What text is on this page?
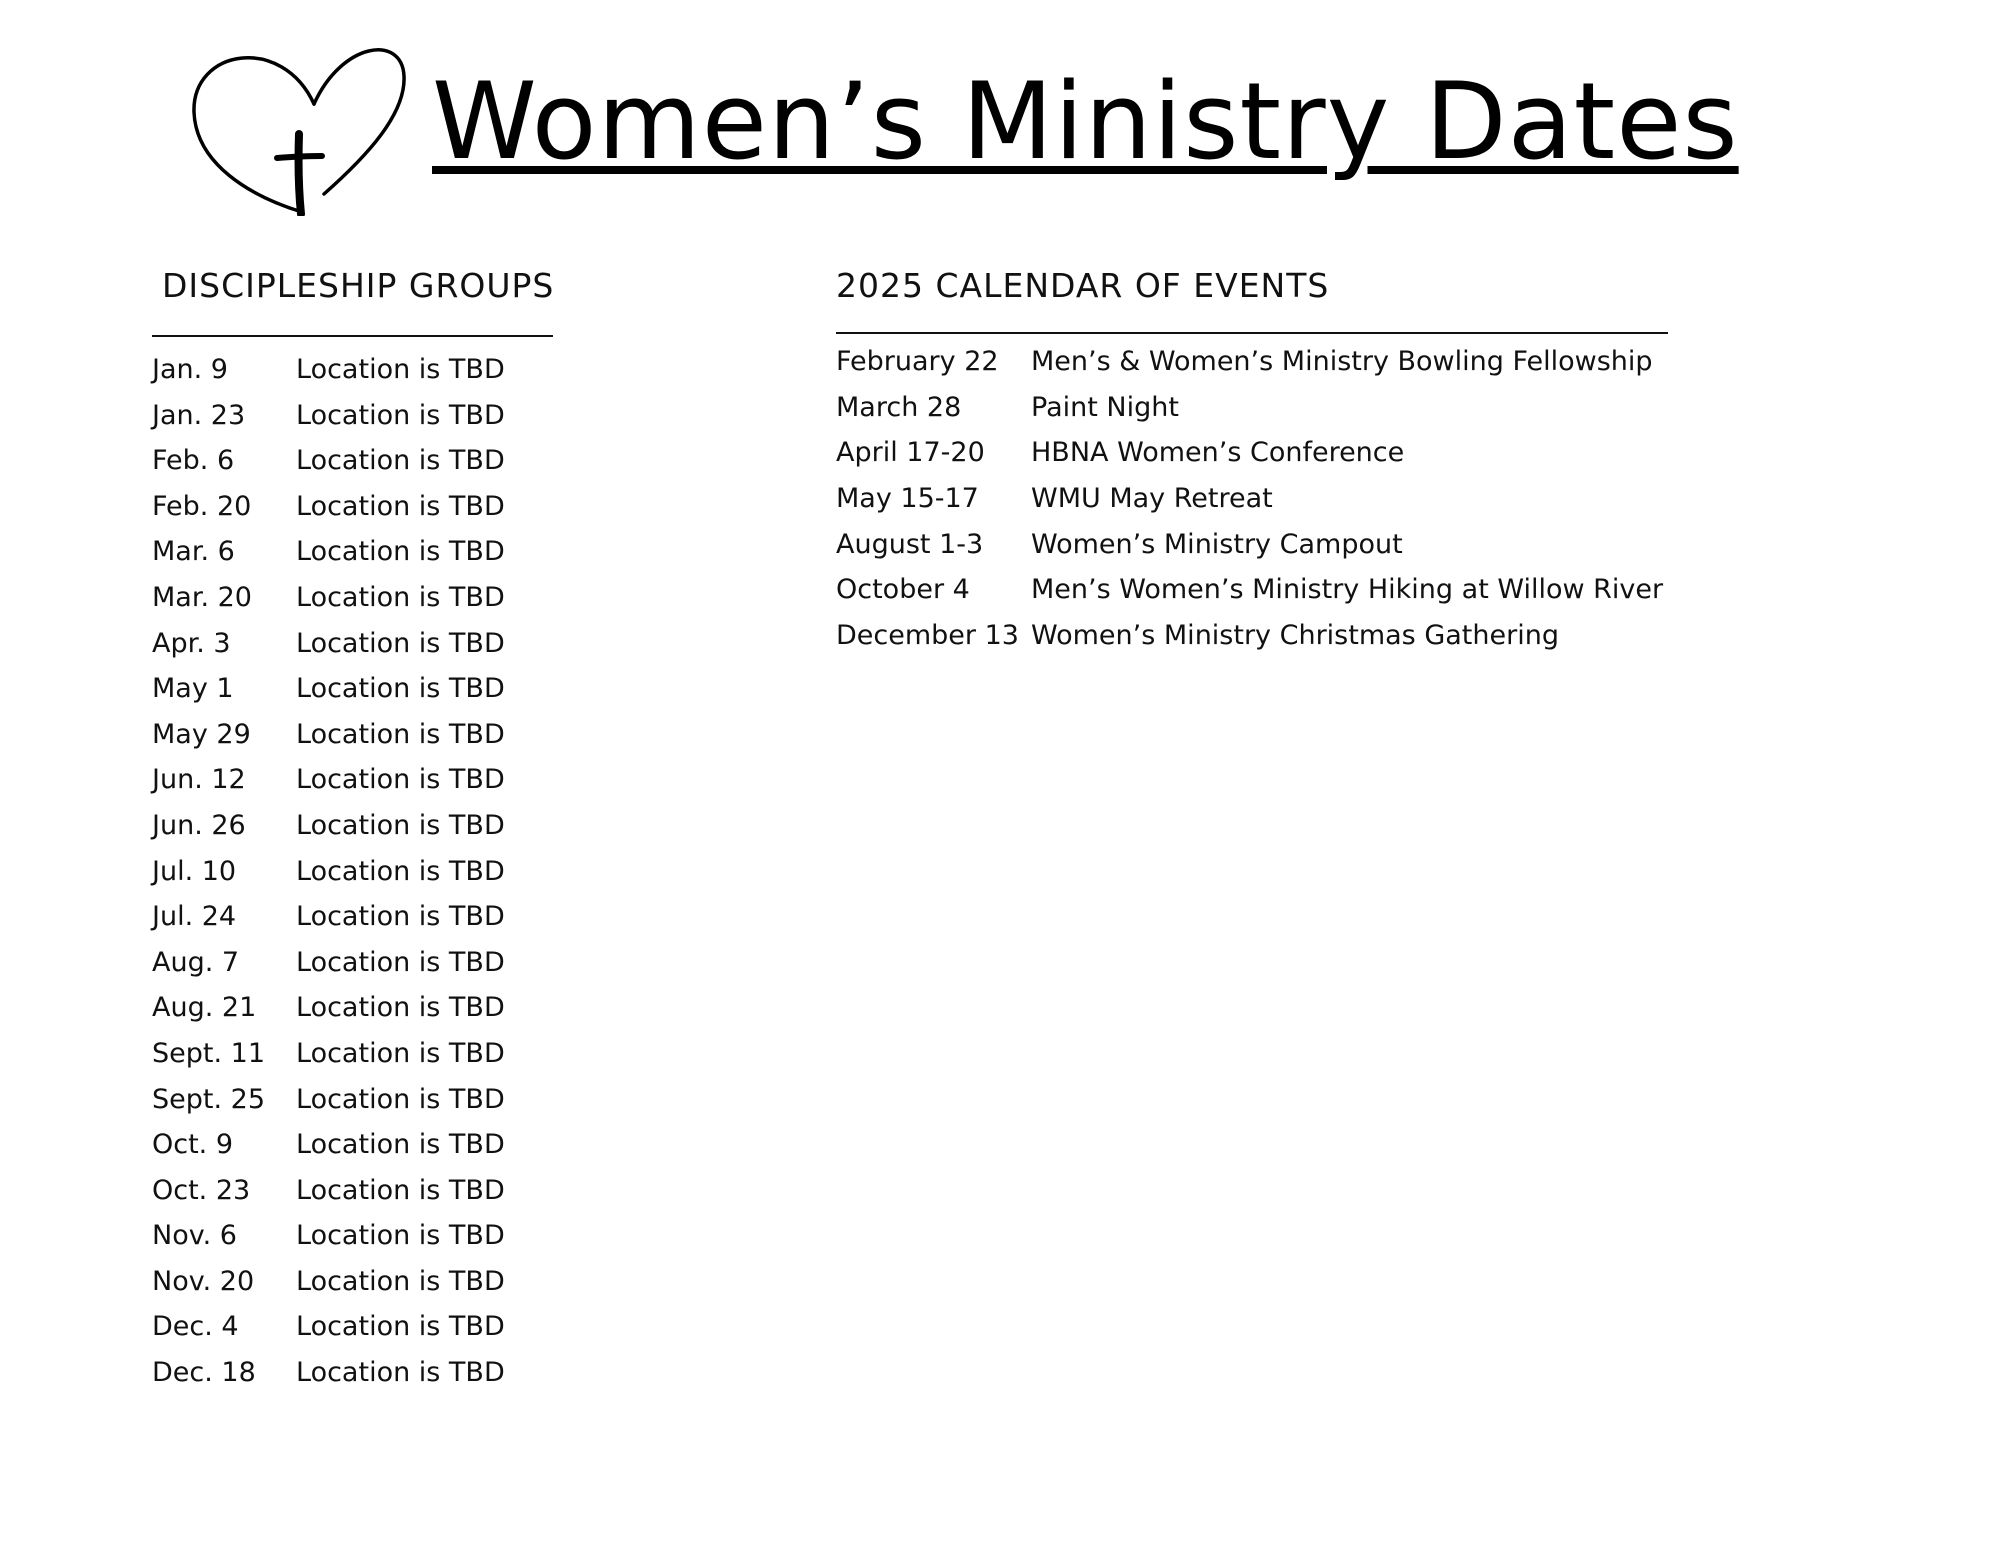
Women’s Ministry Dates
DISCIPLESHIP GROUPS
Jan. 9	Location is TBD
Jan. 23	Location is TBD
Feb. 6	Location is TBD
Feb. 20	Location is TBD
Mar. 6	Location is TBD
Mar. 20	Location is TBD
Apr. 3	Location is TBD
May 1	Location is TBD
May 29	Location is TBD
Jun. 12	Location is TBD
Jun. 26	Location is TBD
Jul. 10	Location is TBD
Jul. 24	Location is TBD
Aug. 7	Location is TBD
Aug. 21	Location is TBD
Sept. 11	Location is TBD
Sept. 25	Location is TBD
Oct. 9	Location is TBD
Oct. 23	Location is TBD
Nov. 6	Location is TBD
Nov. 20	Location is TBD
Dec. 4	Location is TBD
Dec. 18	Location is TBD
2025 CALENDAR OF EVENTS
February 22	Men’s & Women’s Ministry Bowling Fellowship
March 28	Paint Night
April 17-20	HBNA Women’s Conference
May 15-17	WMU May Retreat
August 1-3	Women’s Ministry Campout
October 4	Men’s Women’s Ministry Hiking at Willow River
December 13 Women’s Ministry Christmas Gathering
